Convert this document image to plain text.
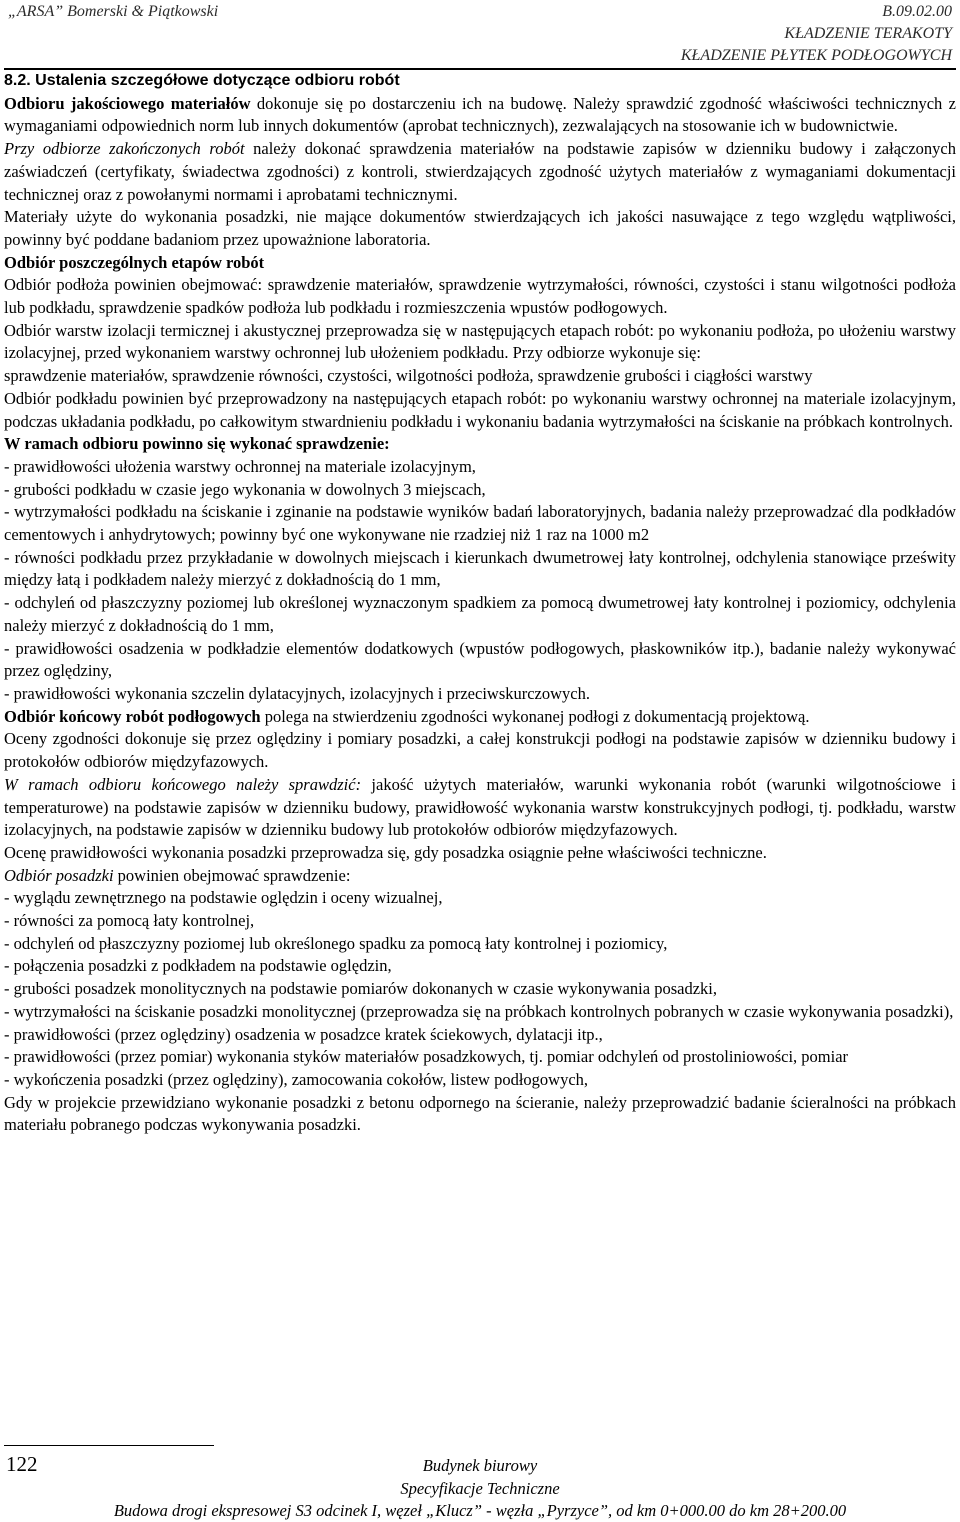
„ARSA” Bomerski & Piątkowski	B.09.02.00
KŁADZENIE TERAKOTY
KŁADZENIE PŁYTEK PODŁOGOWYCH

8.2. Ustalenia szczegółowe dotyczące odbioru robót

Odbioru jakościowego materiałów dokonuje się po dostarczeniu ich na budowę. Należy sprawdzić zgodność właściwości technicznych z wymaganiami odpowiednich norm lub innych dokumentów (aprobat technicznych), zezwalających na stosowanie ich w budownictwie.

Przy odbiorze zakończonych robót należy dokonać sprawdzenia materiałów na podstawie zapisów w dzienniku budowy i załączonych zaświadczeń (certyfikaty, świadectwa zgodności) z kontroli, stwierdzających zgodność użytych materiałów z wymaganiami dokumentacji technicznej oraz z powołanymi normami i aprobatami technicznymi.

Materiały użyte do wykonania posadzki, nie mające dokumentów stwierdzających ich jakości nasuwające z tego względu wątpliwości, powinny być poddane badaniom przez upoważnione laboratoria.

Odbiór poszczególnych etapów robót

Odbiór podłoża powinien obejmować: sprawdzenie materiałów, sprawdzenie wytrzymałości, równości, czystości i stanu wilgotności podłoża lub podkładu, sprawdzenie spadków podłoża lub podkładu i rozmieszczenia wpustów podłogowych.

Odbiór warstw izolacji termicznej i akustycznej przeprowadza się w następujących etapach robót: po wykonaniu podłoża, po ułożeniu warstwy izolacyjnej, przed wykonaniem warstwy ochronnej lub ułożeniem podkładu. Przy odbiorze wykonuje się:

sprawdzenie materiałów, sprawdzenie równości, czystości, wilgotności podłoża, sprawdzenie grubości i ciągłości warstwy

Odbiór podkładu powinien być przeprowadzony na następujących etapach robót: po wykonaniu warstwy ochronnej na materiale izolacyjnym, podczas układania podkładu, po całkowitym stwardnieniu podkładu i wykonaniu badania wytrzymałości na ściskanie na próbkach kontrolnych.

W ramach odbioru powinno się wykonać sprawdzenie:

- prawidłowości ułożenia warstwy ochronnej na materiale izolacyjnym,

- grubości podkładu w czasie jego wykonania w dowolnych 3 miejscach,

- wytrzymałości podkładu na ściskanie i zginanie na podstawie wyników badań laboratoryjnych, badania należy przeprowadzać dla podkładów cementowych i anhydrytowych; powinny być one wykonywane nie rzadziej niż 1 raz na 1000 m2

- równości podkładu przez przykładanie w dowolnych miejscach i kierunkach dwumetrowej łaty kontrolnej, odchylenia stanowiące prześwity między łatą i podkładem należy mierzyć z dokładnością do 1 mm,

- odchyleń od płaszczyzny poziomej lub określonej wyznaczonym spadkiem za pomocą dwumetrowej łaty kontrolnej i poziomicy, odchylenia należy mierzyć z dokładnością do 1 mm,

- prawidłowości osadzenia w podkładzie elementów dodatkowych (wpustów podłogowych, płaskowników itp.), badanie należy wykonywać przez oględziny,

- prawidłowości wykonania szczelin dylatacyjnych, izolacyjnych i przeciwskurczowych.

Odbiór końcowy robót podłogowych polega na stwierdzeniu zgodności wykonanej podłogi z dokumentacją projektową.

Oceny zgodności dokonuje się przez oględziny i pomiary posadzki, a całej konstrukcji podłogi na podstawie zapisów w dzienniku budowy i protokołów odbiorów międzyfazowych.

W ramach odbioru końcowego należy sprawdzić: jakość użytych materiałów, warunki wykonania robót (warunki wilgotnościowe i temperaturowe) na podstawie zapisów w dzienniku budowy, prawidłowość wykonania warstw konstrukcyjnych podłogi, tj. podkładu, warstw izolacyjnych, na podstawie zapisów w dzienniku budowy lub protokołów odbiorów międzyfazowych.

Ocenę prawidłowości wykonania posadzki przeprowadza się, gdy posadzka osiągnie pełne właściwości techniczne.

Odbiór posadzki powinien obejmować sprawdzenie:

- wyglądu zewnętrznego na podstawie oględzin i oceny wizualnej,

- równości za pomocą łaty kontrolnej,

- odchyleń od płaszczyzny poziomej lub określonego spadku za pomocą łaty kontrolnej i poziomicy,

- połączenia posadzki z podkładem na podstawie oględzin,

- grubości posadzek monolitycznych na podstawie pomiarów dokonanych w czasie wykonywania posadzki,

- wytrzymałości na ściskanie posadzki monolitycznej (przeprowadza się na próbkach kontrolnych pobranych w czasie wykonywania posadzki),

- prawidłowości (przez oględziny) osadzenia w posadzce kratek ściekowych, dylatacji itp.,

- prawidłowości (przez pomiar) wykonania styków materiałów posadzkowych, tj. pomiar odchyleń od prostoliniowości, pomiar

- wykończenia posadzki (przez oględziny), zamocowania cokołów, listew podłogowych,

Gdy w projekcie przewidziano wykonanie posadzki z betonu odpornego na ścieranie, należy przeprowadzić badanie ścieralności na próbkach materiału pobranego podczas wykonywania posadzki.

122	Budynek biurowy
Specyfikacje Techniczne
Budowa drogi ekspresowej S3 odcinek I, węzeł „Klucz” - węzła „Pyrzyce”, od km 0+000.00 do km 28+200.00
